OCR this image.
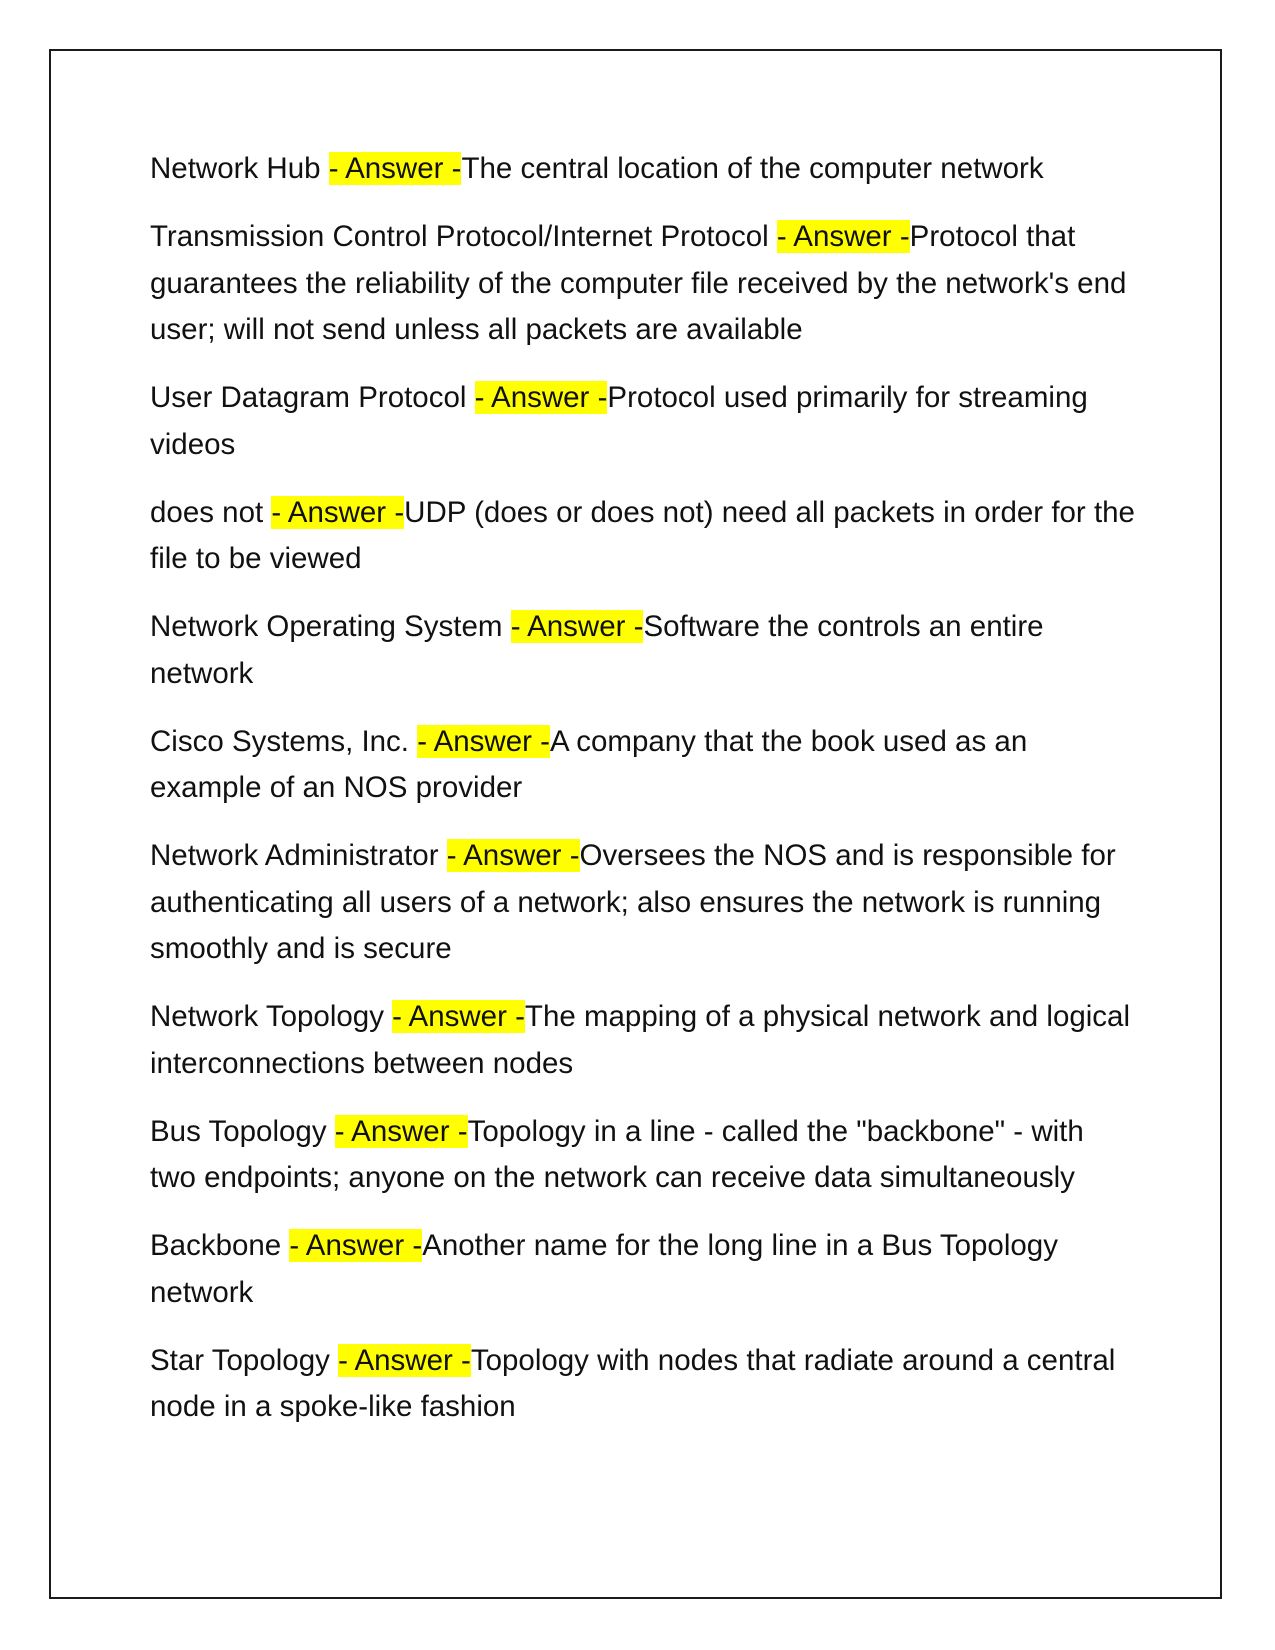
Network Hub - Answer -The central location of the computer network

Transmission Control Protocol/Internet Protocol - Answer -Protocol that guarantees the reliability of the computer file received by the network's end user; will not send unless all packets are available

User Datagram Protocol - Answer -Protocol used primarily for streaming videos

does not - Answer -UDP (does or does not) need all packets in order for the file to be viewed

Network Operating System - Answer -Software the controls an entire network

Cisco Systems, Inc. - Answer -A company that the book used as an example of an NOS provider

Network Administrator - Answer -Oversees the NOS and is responsible for authenticating all users of a network; also ensures the network is running smoothly and is secure

Network Topology - Answer -The mapping of a physical network and logical interconnections between nodes

Bus Topology - Answer -Topology in a line - called the "backbone" - with two endpoints; anyone on the network can receive data simultaneously

Backbone - Answer -Another name for the long line in a Bus Topology network

Star Topology - Answer -Topology with nodes that radiate around a central node in a spoke-like fashion
